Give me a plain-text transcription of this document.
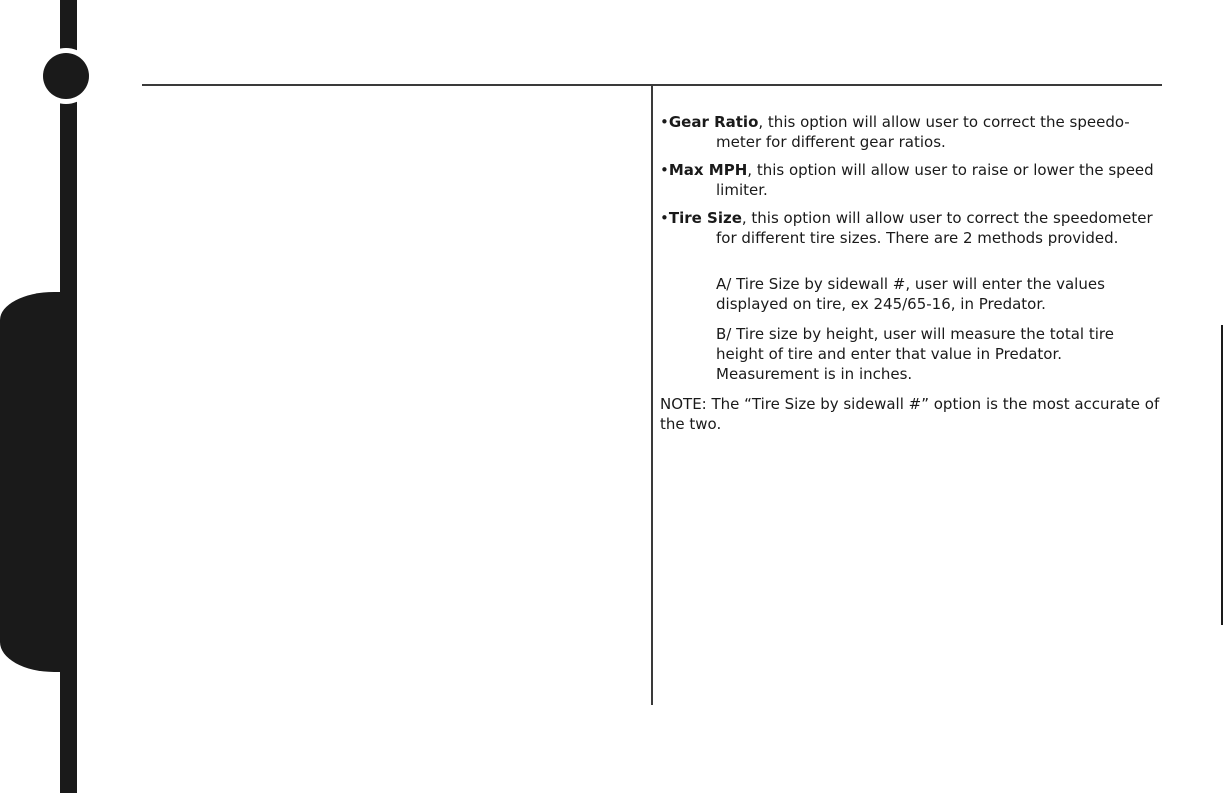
•Gear Ratio, this option will allow user to correct the speedo-meter for different gear ratios.

•Max MPH, this option will allow user to raise or lower the speed limiter.

•Tire Size, this option will allow user to correct the speedometer for different tire sizes. There are 2 methods provided.

A/ Tire Size by sidewall #, user will enter the values displayed on tire, ex 245/65-16, in Predator.

B/ Tire size by height, user will measure the total tire height of tire and enter that value in Predator. Measurement is in inches.

NOTE: The “Tire Size by sidewall #” option is the most accurate of the two.
